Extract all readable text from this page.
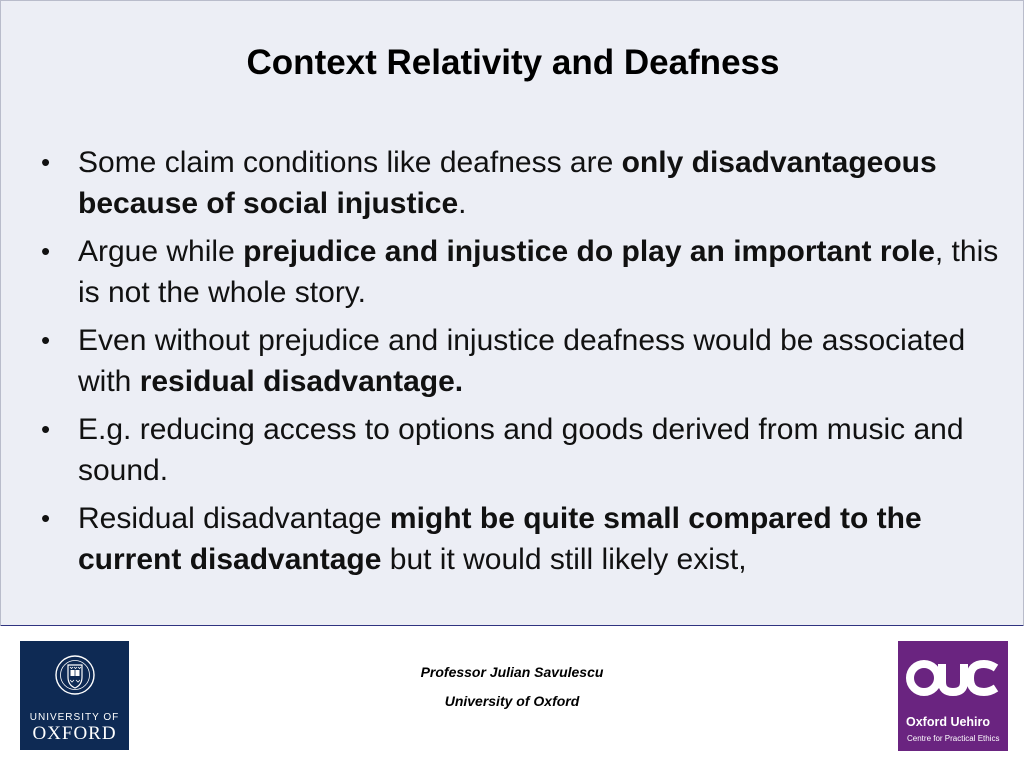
Context Relativity and Deafness
• Some claim conditions like deafness are only disadvantageous because of social injustice.
• Argue while prejudice and injustice do play an important role, this is not the whole story.
• Even without prejudice and injustice deafness would be associated with residual disadvantage.
• E.g. reducing access to options and goods derived from music and sound.
• Residual disadvantage might be quite small compared to the current disadvantage but it would still likely exist,
UNIVERSITY OF
OXFORD
Professor Julian Savulescu
University of Oxford
Oxford Uehiro
Centre for Practical Ethics
